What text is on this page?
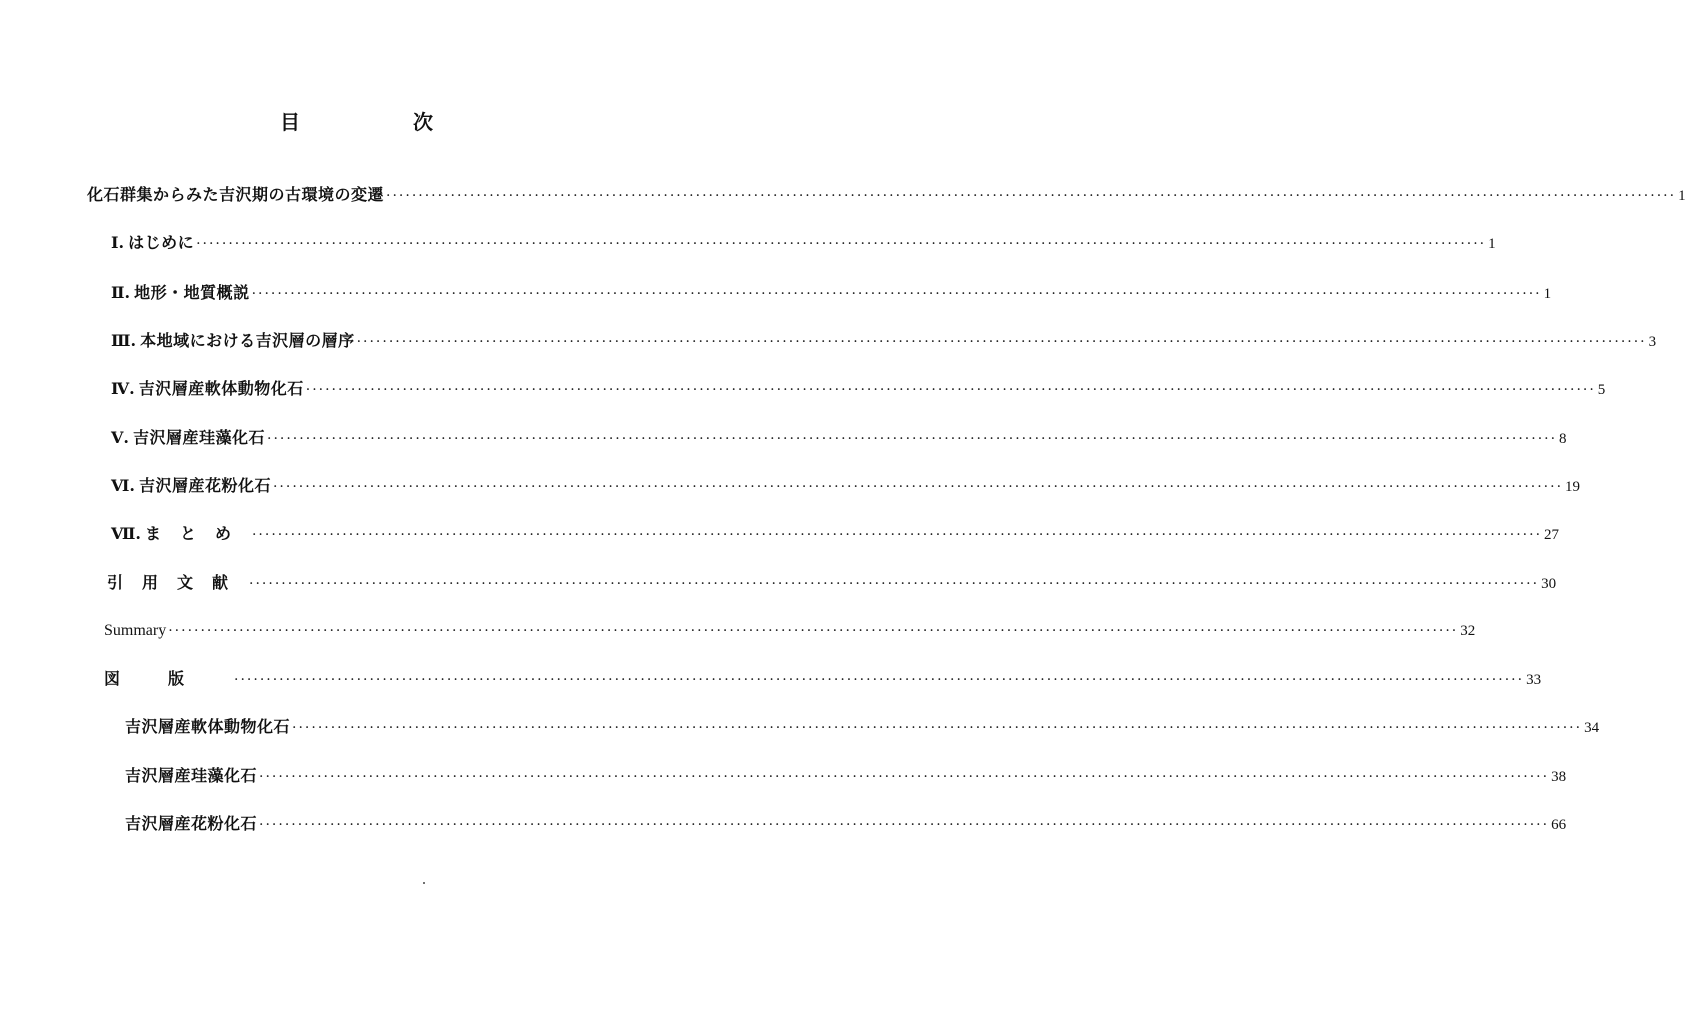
目	次
化石群集からみた吉沢期の古環境の変遷 ········································································································································································································ 1
Ⅰ. はじめに ········································································································································································································ 1
Ⅱ. 地形・地質概説 ········································································································································································································ 1
Ⅲ. 本地域における吉沢層の層序 ········································································································································································································ 3
Ⅳ. 吉沢層産軟体動物化石 ········································································································································································································ 5
Ⅴ. 吉沢層産珪藻化石 ········································································································································································································ 8
Ⅵ. 吉沢層産花粉化石 ········································································································································································································ 19
Ⅶ. まとめ ········································································································································································································ 27
引用文献 ········································································································································································································ 30
Summary ········································································································································································································ 32
図版 ········································································································································································································ 33
吉沢層産軟体動物化石 ········································································································································································································ 34
吉沢層産珪藻化石 ········································································································································································································ 38
吉沢層産花粉化石 ········································································································································································································ 66
